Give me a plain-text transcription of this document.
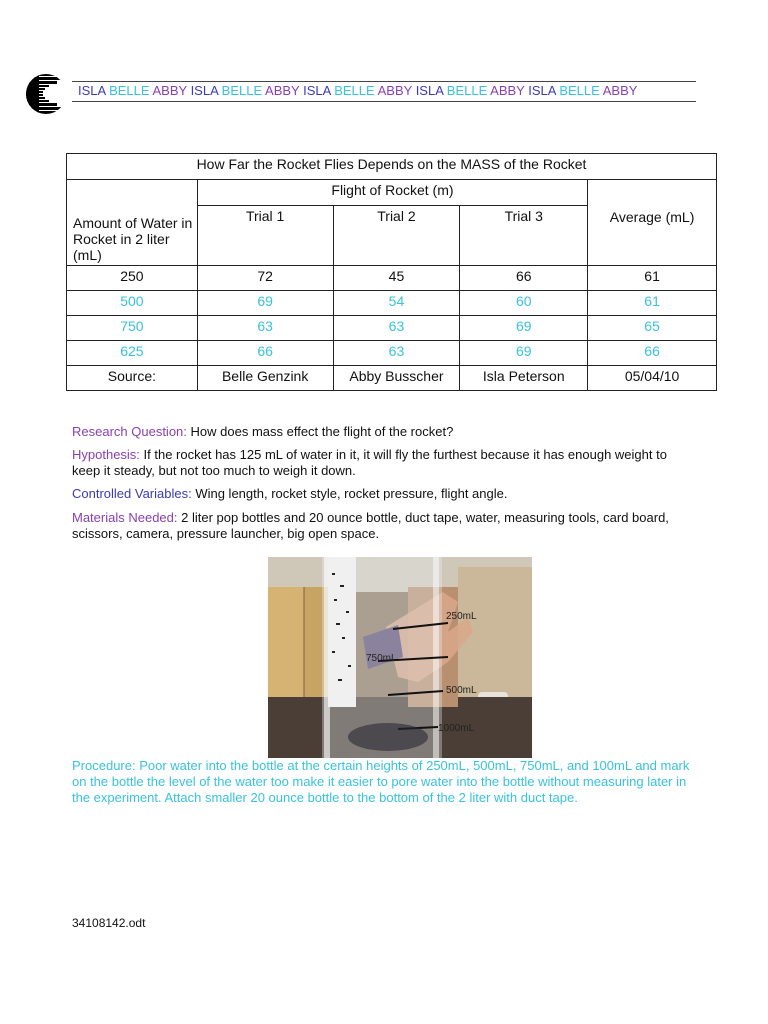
ISLA BELLE ABBY ISLA BELLE ABBY ISLA BELLE ABBY ISLA BELLE ABBY ISLA BELLE ABBY
How Far the Rocket Flies Depends on the MASS of the Rocket				
Amount of Water in Rocket in 2 liter (mL)	Flight of Rocket (m)			Average (mL)
	Trial 1	Trial 2	Trial 3	
250	72	45	66	61
500	69	54	60	61
750	63	63	69	65
625	66	63	69	66
Source:	Belle Genzink	Abby Busscher	Isla Peterson	05/04/10
Research Question: How does mass effect the flight of the rocket?
Hypothesis: If the rocket has 125 mL of water in it, it will fly the furthest because it has enough weight to keep it steady, but not too much to weigh it down.
Controlled Variables: Wing length, rocket style, rocket pressure, flight angle.
Materials Needed: 2 liter pop bottles and 20 ounce bottle, duct tape, water, measuring tools, card board, scissors, camera, pressure launcher, big open space.
250mL
750mL
500mL
1000mL
Procedure: Poor water into the bottle at the certain heights of 250mL, 500mL, 750mL, and 100mL and mark on the bottle the level of the water too make it easier to pore water into the bottle without measuring later in the experiment. Attach smaller 20 ounce bottle to the bottom of the 2 liter with duct tape.
34108142.odt
